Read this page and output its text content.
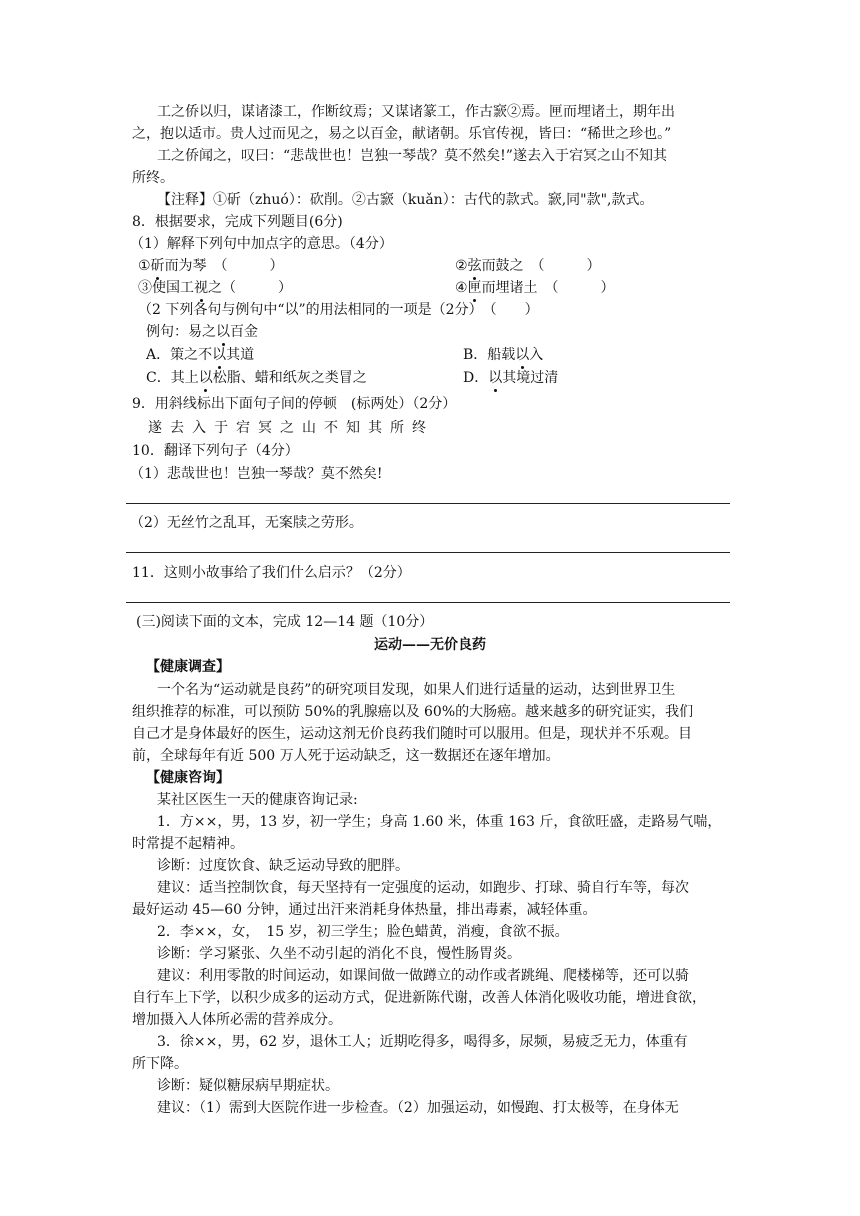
工之侨以归，谋诸漆工，作断纹焉；又谋诸篆工，作古窾②焉。匣而埋诸土，期年出
之，抱以适市。贵人过而见之，易之以百金，献诸朝。乐官传视，皆曰：“稀世之珍也。”
工之侨闻之，叹曰：“悲哉世也！岂独一琴哉？莫不然矣!”遂去入于宕冥之山不知其
所终。
【注释】①斫（zhuó）：砍削。②古窾（kuǎn）：古代的款式。窾,同"款",款式。
8．根据要求，完成下列题目(6分)
（1）解释下列句中加点字的意思。（4分）
①斫而为琴　（　　　）	②弦而鼓之　（　　　）
③使国工视之（　　　）	④匣而埋诸土　（　　　）
（2 下列各句与例句中“以”的用法相同的一项是（2分）　（　　）
例句：易之以百金
A．策之不以其道	B．船载以入
C．其上以松脂、蜡和纸灰之类冒之	D．以其境过清
9．用斜线标出下面句子间的停顿　(标两处）（2分）
遂去入于宕冥之山不知其所终
10．翻译下列句子（4分）
（1）悲哉世也！岂独一琴哉？莫不然矣!
（2）无丝竹之乱耳，无案牍之劳形。
11．这则小故事给了我们什么启示？（2分）
(三)阅读下面的文本，完成 12—14 题（10分）
运动——无价良药
【健康调查】
一个名为“运动就是良药”的研究项目发现，如果人们进行适量的运动，达到世界卫生
组织推荐的标准，可以预防 50%的乳腺癌以及 60%的大肠癌。越来越多的研究证实，我们
自己才是身体最好的医生，运动这剂无价良药我们随时可以服用。但是，现状并不乐观。目
前，全球每年有近 500 万人死于运动缺乏，这一数据还在逐年增加。
【健康咨询】
某社区医生一天的健康咨询记录:
1．方××，男，13 岁，初一学生；身高 1.60 米，体重 163 斤，食欲旺盛，走路易气喘，
时常提不起精神。
诊断：过度饮食、缺乏运动导致的肥胖。
建议：适当控制饮食，每天坚持有一定强度的运动，如跑步、打球、骑自行车等，每次
最好运动 45—60 分钟，通过出汗来消耗身体热量，排出毒素，减轻体重。
2．李××，女，　15 岁，初三学生；脸色蜡黄，消瘦，食欲不振。
诊断：学习紧张、久坐不动引起的消化不良，慢性肠胃炎。
建议：利用零散的时间运动，如课间做一做蹲立的动作或者跳绳、爬楼梯等，还可以骑
自行车上下学，以积少成多的运动方式，促进新陈代谢，改善人体消化吸收功能，增进食欲，
增加摄入人体所必需的营养成分。
3．徐××，男，62 岁，退休工人；近期吃得多，喝得多，尿频，易疲乏无力，体重有
所下降。
诊断：疑似糖尿病早期症状。
建议：（1）需到大医院作进一步检查。（2）加强运动，如慢跑、打太极等，在身体无
